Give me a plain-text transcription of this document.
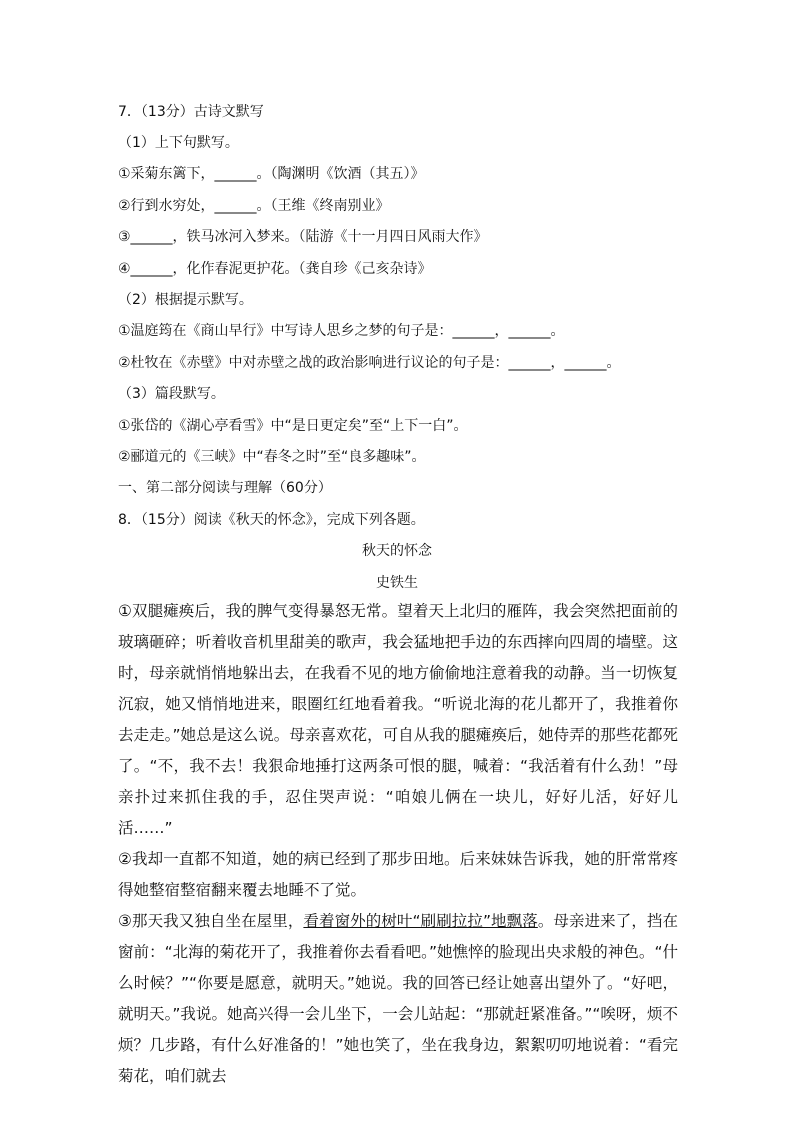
7．（13分）古诗文默写
（1）上下句默写。
①采菊东篱下，______。（陶渊明《饮酒（其五）》
②行到水穷处，______。（王维《终南别业》
③______，铁马冰河入梦来。（陆游《十一月四日风雨大作》
④______，化作春泥更护花。（龚自珍《己亥杂诗》
（2）根据提示默写。
①温庭筠在《商山早行》中写诗人思乡之梦的句子是：______，______。
②杜牧在《赤壁》中对赤壁之战的政治影响进行议论的句子是：______，______。
（3）篇段默写。
①张岱的《湖心亭看雪》中“是日更定矣”至“上下一白”。
②郦道元的《三峡》中“春冬之时”至“良多趣味”。
一、第二部分阅读与理解（60分）
8．（15分）阅读《秋天的怀念》，完成下列各题。
秋天的怀念
史铁生

①双腿瘫痪后，我的脾气变得暴怒无常。望着天上北归的雁阵，我会突然把面前的玻璃砸碎；听着收音机里甜美的歌声，我会猛地把手边的东西摔向四周的墙壁。这时，母亲就悄悄地躲出去，在我看不见的地方偷偷地注意着我的动静。当一切恢复沉寂，她又悄悄地进来，眼圈红红地看着我。“听说北海的花儿都开了，我推着你去走走。”她总是这么说。母亲喜欢花，可自从我的腿瘫痪后，她侍弄的那些花都死了。“不，我不去！我狠命地捶打这两条可恨的腿，喊着：“我活着有什么劲！”母亲扑过来抓住我的手，忍住哭声说：“咱娘儿俩在一块儿，好好儿活，好好儿活……”

②我却一直都不知道，她的病已经到了那步田地。后来妹妹告诉我，她的肝常常疼得她整宿整宿翻来覆去地睡不了觉。

③那天我又独自坐在屋里，看着窗外的树叶“刷刷拉拉”地飘落。母亲进来了，挡在窗前：“北海的菊花开了，我推着你去看看吧。”她憔悴的脸现出央求般的神色。“什么时候？”“你要是愿意，就明天。”她说。我的回答已经让她喜出望外了。“好吧，就明天。”我说。她高兴得一会儿坐下，一会儿站起：“那就赶紧准备。”“唉呀，烦不烦？几步路，有什么好准备的！”她也笑了，坐在我身边，絮絮叨叨地说着：“看完菊花，咱们就去
